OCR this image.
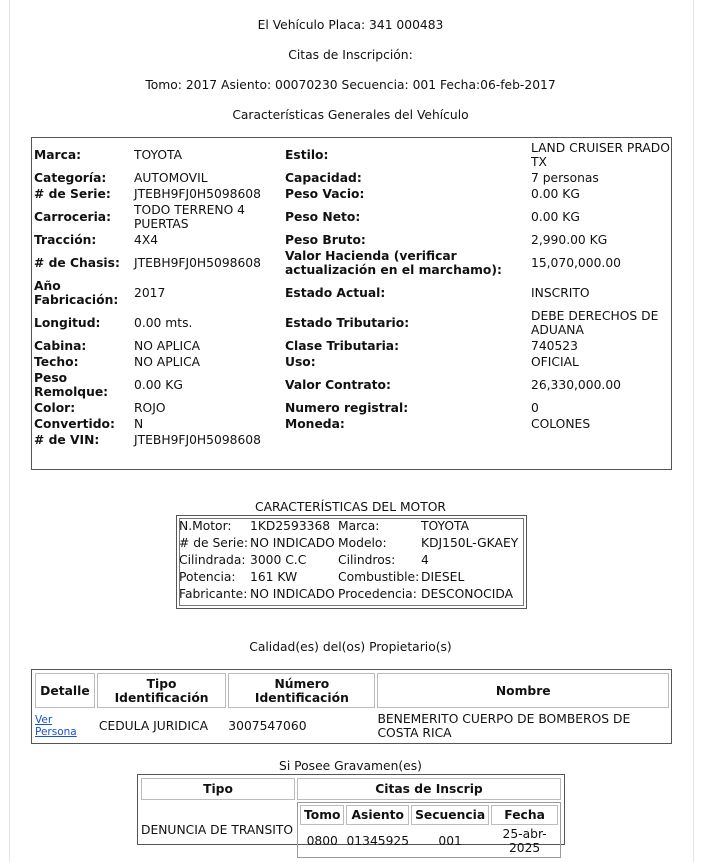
El Vehículo Placa: 341 000483
Citas de Inscripción:
Tomo: 2017 Asiento: 00070230 Secuencia: 001 Fecha:06-feb-2017
Características Generales del Vehículo
Marca:	TOYOTA	Estilo:	LAND CRUISER PRADO TX
Categoría:	AUTOMOVIL	Capacidad:	7 personas
# de Serie:	JTEBH9FJ0H5098608	Peso Vacio:	0.00 KG
Carroceria:	TODO TERRENO 4 PUERTAS	Peso Neto:	0.00 KG
Tracción:	4X4	Peso Bruto:	2,990.00 KG
# de Chasis:	JTEBH9FJ0H5098608	Valor Hacienda (verificar actualización en el marchamo):	15,070,000.00
Año Fabricación:	2017	Estado Actual:	INSCRITO
Longitud:	0.00 mts.	Estado Tributario:	DEBE DERECHOS DE ADUANA
Cabina:	NO APLICA	Clase Tributaria:	740523
Techo:	NO APLICA	Uso:	OFICIAL
Peso Remolque:	0.00 KG	Valor Contrato:	26,330,000.00
Color:	ROJO	Numero registral:	0
Convertido:	N	Moneda:	COLONES
# de VIN:	JTEBH9FJ0H5098608		
CARACTERÍSTICAS DEL MOTOR
N.Motor:	1KD2593368	Marca:	TOYOTA
# de Serie:	NO INDICADO	Modelo:	KDJ150L-GKAEY
Cilindrada:	3000 C.C	Cilindros:	4
Potencia:	161 KW	Combustible:	DIESEL
Fabricante:	NO INDICADO	Procedencia:	DESCONOCIDA
Calidad(es) del(os) Propietario(s)
Detalle	Tipo Identificación	Número Identificación	Nombre
Ver Persona	CEDULA JURIDICA	3007547060	BENEMERITO CUERPO DE BOMBEROS DE COSTA RICA
Si Posee Gravamen(es)
Tipo	Citas de Inscrip
DENUNCIA DE TRANSITO	
Tomo	Asiento	Secuencia	Fecha
0800	01345925	001	25-abr-2025
